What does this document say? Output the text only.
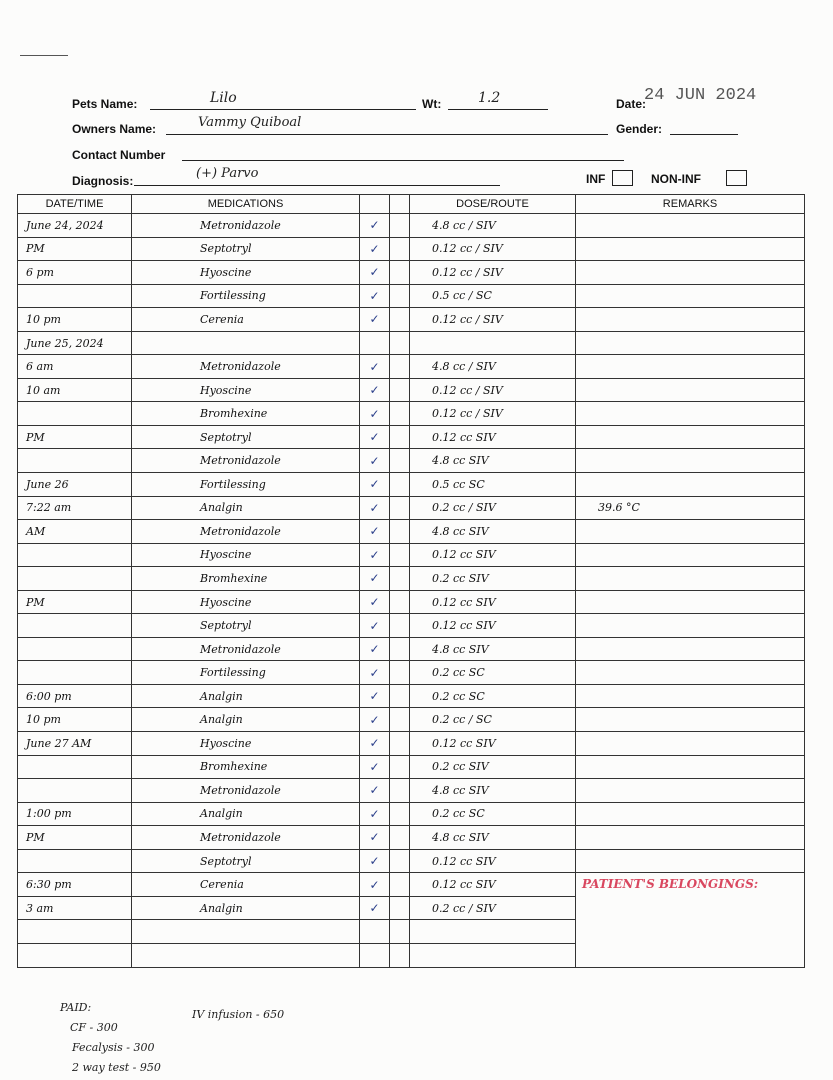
Pets Name:	Lilo	Wt:	1.2	Date:
24 JUN 2024
Owners Name:	Vammy Quiboal	Gender:
Contact Number
Diagnosis:	(+) Parvo	INF	NON-INF
DATE/TIME	MEDICATIONS			DOSE/ROUTE	REMARKS
June 24, 2024	Metronidazole	✓		4.8 cc / SIV	
PM	Septotryl	✓		0.12 cc / SIV	
6 pm	Hyoscine	✓		0.12 cc / SIV	
	Fortilessing	✓		0.5 cc / SC	
10 pm	Cerenia	✓		0.12 cc / SIV	
June 25, 2024					
6 am	Metronidazole	✓		4.8 cc / SIV	
10 am	Hyoscine	✓		0.12 cc / SIV	
	Bromhexine	✓		0.12 cc / SIV	
PM	Septotryl	✓		0.12 cc SIV	
	Metronidazole	✓		4.8 cc SIV	
June 26	Fortilessing	✓		0.5 cc SC	
7:22 am	Analgin	✓		0.2 cc / SIV	39.6 °C
AM	Metronidazole	✓		4.8 cc SIV	
	Hyoscine	✓		0.12 cc SIV	
	Bromhexine	✓		0.2 cc SIV	
PM	Hyoscine	✓		0.12 cc SIV	
	Septotryl	✓		0.12 cc SIV	
	Metronidazole	✓		4.8 cc SIV	
	Fortilessing	✓		0.2 cc SC	
6:00 pm	Analgin	✓		0.2 cc SC	
10 pm	Analgin	✓		0.2 cc / SC	
June 27 AM	Hyoscine	✓		0.12 cc SIV	
	Bromhexine	✓		0.2 cc SIV	
	Metronidazole	✓		4.8 cc SIV	
1:00 pm	Analgin	✓		0.2 cc SC	
PM	Metronidazole	✓		4.8 cc SIV	
	Septotryl	✓		0.12 cc SIV	
6:30 pm	Cerenia	✓		0.12 cc SIV	PATIENT'S BELONGINGS:

3 am	Analgin	✓		0.2 cc / SIV	

PAID:
CF - 300
Fecalysis - 300
2 way test - 950
IV infusion - 650
